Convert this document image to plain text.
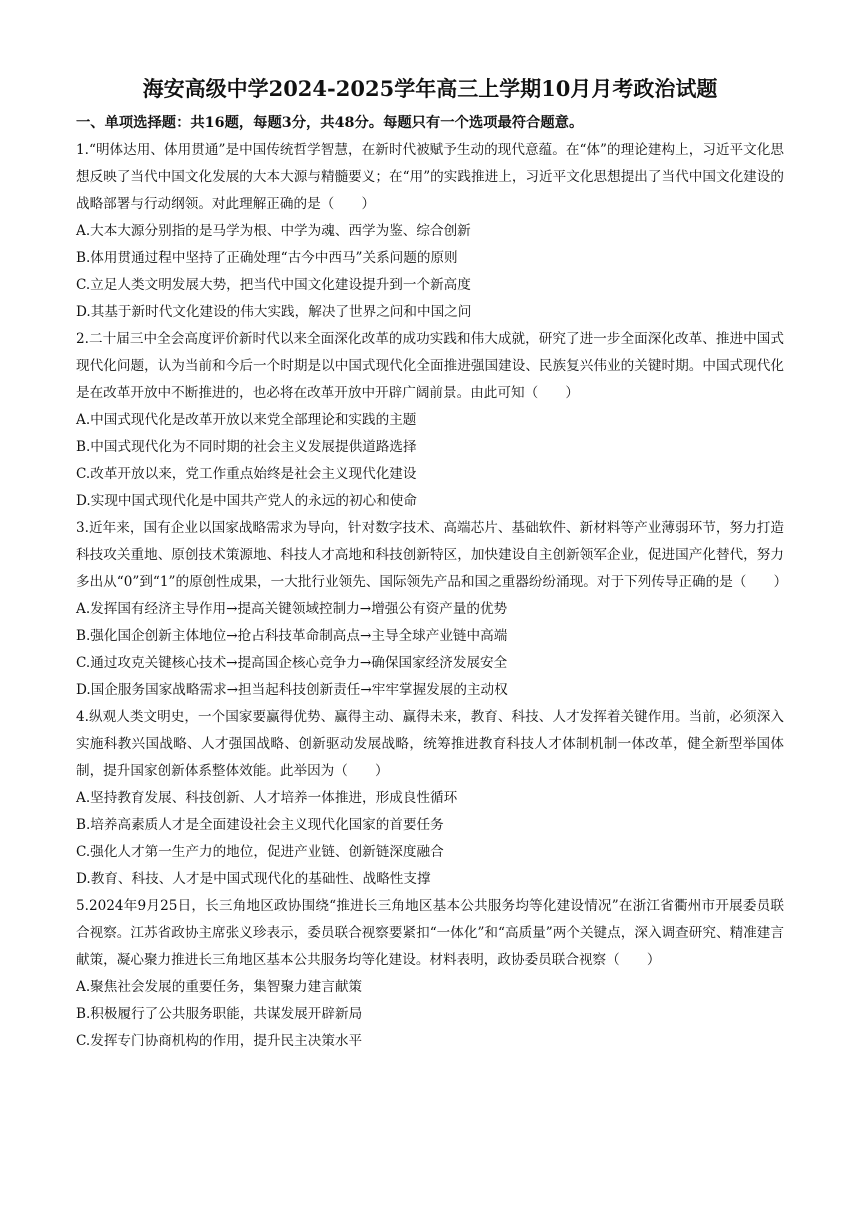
海安高级中学2024-2025学年高三上学期10月月考政治试题

一、单项选择题：共16题，每题3分，共48分。每题只有一个选项最符合题意。

1.“明体达用、体用贯通”是中国传统哲学智慧，在新时代被赋予生动的现代意蕴。在“体”的理论建构上，习近平文化思想反映了当代中国文化发展的大本大源与精髓要义；在“用”的实践推进上，习近平文化思想提出了当代中国文化建设的战略部署与行动纲领。对此理解正确的是（　　）

A.大本大源分别指的是马学为根、中学为魂、西学为鉴、综合创新

B.体用贯通过程中坚持了正确处理“古今中西马”关系问题的原则

C.立足人类文明发展大势，把当代中国文化建设提升到一个新高度

D.其基于新时代文化建设的伟大实践，解决了世界之问和中国之问

2.二十届三中全会高度评价新时代以来全面深化改革的成功实践和伟大成就，研究了进一步全面深化改革、推进中国式现代化问题，认为当前和今后一个时期是以中国式现代化全面推进强国建设、民族复兴伟业的关键时期。中国式现代化是在改革开放中不断推进的，也必将在改革开放中开辟广阔前景。由此可知（　　）

A.中国式现代化是改革开放以来党全部理论和实践的主题

B.中国式现代化为不同时期的社会主义发展提供道路选择

C.改革开放以来，党工作重点始终是社会主义现代化建设

D.实现中国式现代化是中国共产党人的永远的初心和使命

3.近年来，国有企业以国家战略需求为导向，针对数字技术、高端芯片、基础软件、新材料等产业薄弱环节，努力打造科技攻关重地、原创技术策源地、科技人才高地和科技创新特区，加快建设自主创新领军企业，促进国产化替代，努力多出从“0”到“1”的原创性成果，一大批行业领先、国际领先产品和国之重器纷纷涌现。对于下列传导正确的是（　　）

A.发挥国有经济主导作用→提高关键领域控制力→增强公有资产量的优势

B.强化国企创新主体地位→抢占科技革命制高点→主导全球产业链中高端

C.通过攻克关键核心技术→提高国企核心竞争力→确保国家经济发展安全

D.国企服务国家战略需求→担当起科技创新责任→牢牢掌握发展的主动权

4.纵观人类文明史，一个国家要赢得优势、赢得主动、赢得未来，教育、科技、人才发挥着关键作用。当前，必须深入实施科教兴国战略、人才强国战略、创新驱动发展战略，统筹推进教育科技人才体制机制一体改革，健全新型举国体制，提升国家创新体系整体效能。此举因为（　　）

A.坚持教育发展、科技创新、人才培养一体推进，形成良性循环

B.培养高素质人才是全面建设社会主义现代化国家的首要任务

C.强化人才第一生产力的地位，促进产业链、创新链深度融合

D.教育、科技、人才是中国式现代化的基础性、战略性支撑

5.2024年9月25日，长三角地区政协围绕“推进长三角地区基本公共服务均等化建设情况”在浙江省衢州市开展委员联合视察。江苏省政协主席张义珍表示，委员联合视察要紧扣“一体化”和“高质量”两个关键点，深入调查研究、精准建言献策，凝心聚力推进长三角地区基本公共服务均等化建设。材料表明，政协委员联合视察（　　）

A.聚焦社会发展的重要任务，集智聚力建言献策

B.积极履行了公共服务职能，共谋发展开辟新局

C.发挥专门协商机构的作用，提升民主决策水平
